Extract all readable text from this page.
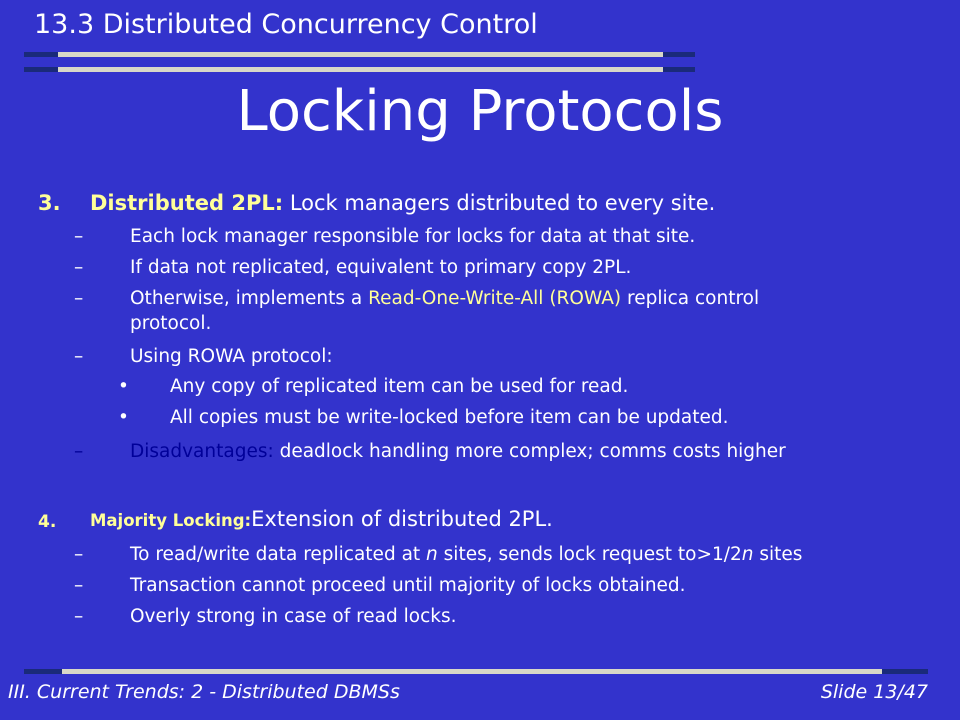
13.3 Distributed Concurrency Control
Locking Protocols
3. Distributed 2PL: Lock managers distributed to every site.
–	Each lock manager responsible for locks for data at that site.
–	If data not replicated, equivalent to primary copy 2PL.
–	Otherwise, implements a Read-One-Write-All (ROWA) replica control
protocol.
–	Using ROWA protocol:
• Any copy of replicated item can be used for read.
• All copies must be write-locked before item can be updated.
–	Disadvantages: deadlock handling more complex; comms costs higher
4. Majority Locking:Extension of distributed 2PL.
–	To read/write data replicated at n sites, sends lock request to>1/2n sites
–	Transaction cannot proceed until majority of locks obtained.
–	Overly strong in case of read locks.
III. Current Trends: 2 - Distributed DBMSs	Slide 13/47
